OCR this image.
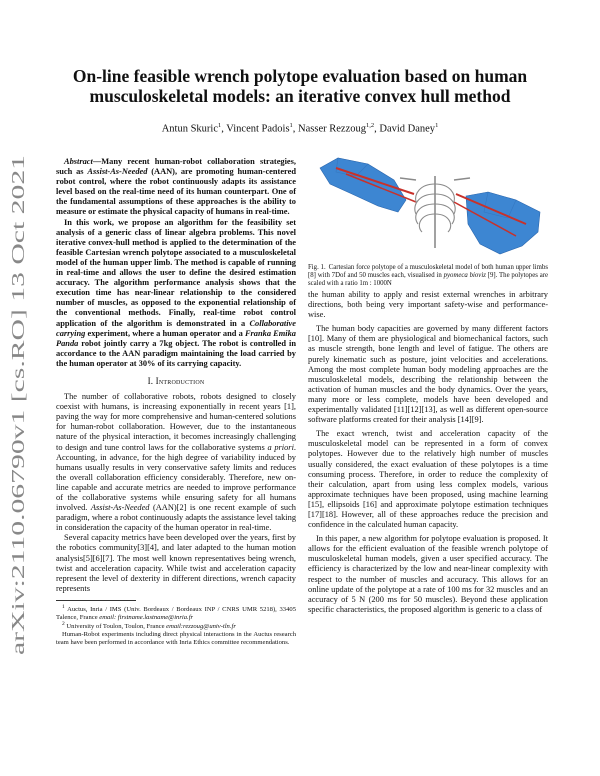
arXiv:2110.06790v1 [cs.RO] 13 Oct 2021
On-line feasible wrench polytope evaluation based on human musculoskeletal models: an iterative convex hull method
Antun Skuric$^1$, Vincent Padois$^1$, Nasser Rezzoug$^{1,2}$, David Daney$^1$

Abstract—Many recent human-robot collaboration strategies, such as Assist-As-Needed (AAN), are promoting human-centered robot control, where the robot continuously adapts its assistance level based on the real-time need of its human counterpart. One of the fundamental assumptions of these approaches is the ability to measure or estimate the physical capacity of humans in real-time.

In this work, we propose an algorithm for the feasibility set analysis of a generic class of linear algebra problems. This novel iterative convex-hull method is applied to the determination of the feasible Cartesian wrench polytope associated to a musculoskeletal model of the human upper limb. The method is capable of running in real-time and allows the user to define the desired estimation accuracy. The algorithm performance analysis shows that the execution time has near-linear relationship to the considered number of muscles, as opposed to the exponential relationship of the conventional methods. Finally, real-time robot control application of the algorithm is demonstrated in a Collaborative carrying experiment, where a human operator and a Franka Emika Panda robot jointly carry a 7kg object. The robot is controlled in accordance to the AAN paradigm maintaining the load carried by the human operator at 30% of its carrying capacity.

I. Introduction

The number of collaborative robots, robots designed to closely coexist with humans, is increasing exponentially in recent years [1], paving the way for more comprehensive and human-centered solutions for human-robot collaboration. However, due to the instantaneous nature of the physical interaction, it becomes increasingly challenging to design and tune control laws for the collaborative systems a priori. Accounting, in advance, for the high degree of variability induced by humans usually results in very conservative safety limits and reduces the overall collaboration efficiency considerably. Therefore, new on-line capable and accurate metrics are needed to improve performance of the collaborative systems while ensuring safety for all humans involved. Assist-As-Needed (AAN)[2] is one recent example of such paradigm, where a robot continuously adapts the assistance level taking in consideration the capacity of the human operator in real-time.

Several capacity metrics have been developed over the years, first by the robotics community[3][4], and later adapted to the human motion analysis[5][6][7]. The most well known representatives being wrench, twist and acceleration capacity. While twist and acceleration capacity represent the level of dexterity in different directions, wrench capacity represents

$^1$ Auctus, Inria / IMS (Univ. Bordeaux / Bordeaux INP / CNRS UMR 5218), 33405 Talence, France email: firstname.lastname@inria.fr

$^2$ University of Toulon, Toulon, France email:rezzoug@univ-tln.fr

Human-Robot experiments including direct physical interactions in the Auctus research team have been performed in accordance with Inria Ethics committee recommendations.

Fig. 1. Cartesian force polytope of a musculoskeletal model of both human upper limbs [8] with 7Dof and 50 muscles each, visualised in pyomeca bioviz [9]. The polytopes are scaled with a ratio 1m : 1000N

the human ability to apply and resist external wrenches in arbitrary directions, both being very important safety-wise and performance-wise.

The human body capacities are governed by many different factors [10]. Many of them are physiological and biomechanical factors, such as muscle strength, bone length and level of fatigue. The others are purely kinematic such as posture, joint velocities and accelerations. Among the most complete human body modeling approaches are the musculoskeletal models, describing the relationship between the activation of human muscles and the body dynamics. Over the years, many more or less complete, models have been developed and experimentally validated [11][12][13], as well as different open-source software platforms created for their analysis [14][9].

The exact wrench, twist and acceleration capacity of the musculoskeletal model can be represented in a form of convex polytopes. However due to the relatively high number of muscles usually considered, the exact evaluation of these polytopes is a time consuming process. Therefore, in order to reduce the complexity of their calculation, apart from using less complex models, various approximate techniques have been proposed, using machine learning [15], ellipsoids [16] and approximate polytope estimation techniques [17][18]. However, all of these approaches reduce the precision and confidence in the calculated human capacity.

In this paper, a new algorithm for polytope evaluation is proposed. It allows for the efficient evaluation of the feasible wrench polytope of musculoskeletal human models, given a user specified accuracy. The efficiency is characterized by the low and near-linear complexity with respect to the number of muscles and accuracy. This allows for an online update of the polytope at a rate of 100 ms for 32 muscles and an accuracy of 5 N (200 ms for 50 muscles). Beyond these application specific characteristics, the proposed algorithm is generic to a class of
